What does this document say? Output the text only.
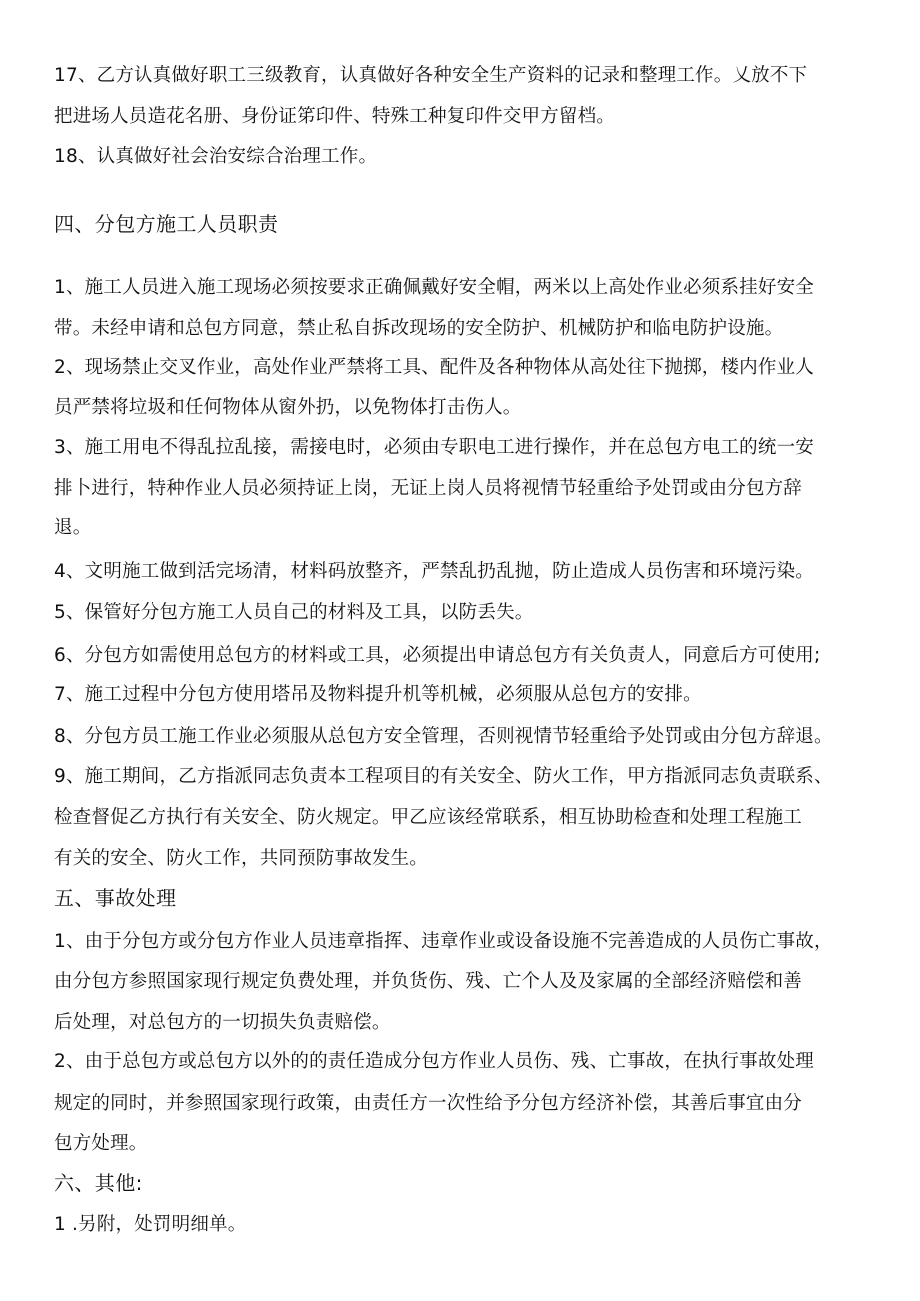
17、乙方认真做好职工三级教育，认真做好各种安全生产资料的记录和整理工作。乂放不下
把进场人员造花名册、身份证笫印件、特殊工种复印件交甲方留档。
18、认真做好社会治安综合治理工作。
四、分包方施工人员职责
1、施工人员进入施工现场必须按要求正确佩戴好安全帽，两米以上高处作业必须系挂好安全
带。未经申请和总包方同意，禁止私自拆改现场的安全防护、机械防护和临电防护设施。
2、现场禁止交叉作业，高处作业严禁将工具、配件及各种物体从高处往下抛掷，楼内作业人
员严禁将垃圾和任何物体从窗外扔，以免物体打击伤人。
3、施工用电不得乱拉乱接，需接电时，必须由专职电工进行操作，并在总包方电工的统一安
排卜进行，特种作业人员必须持证上岗，无证上岗人员将视情节轻重给予处罚或由分包方辞
退。
4、文明施工做到活完场清，材料码放整齐，严禁乱扔乱抛，防止造成人员伤害和环境污染。
5、保管好分包方施工人员自己的材料及工具，以防丢失。
6、分包方如需使用总包方的材料或工具，必须提出申请总包方有关负责人，同意后方可使用;
7、施工过程中分包方使用塔吊及物料提升机等机械，必须服从总包方的安排。
8、分包方员工施工作业必须服从总包方安全管理，否则视情节轻重给予处罚或由分包方辞退。
9、施工期间，乙方指派同志负责本工程项目的有关安全、防火工作，甲方指派同志负责联系、
检查督促乙方执行有关安全、防火规定。甲乙应该经常联系，相互协助检查和处理工程施工
有关的安全、防火工作，共同预防事故发生。
五、事故处理
1、由于分包方或分包方作业人员违章指挥、违章作业或设备设施不完善造成的人员伤亡事故，
由分包方参照国家现行规定负费处理，并负货伤、残、亡个人及及家属的全部经济赔偿和善
后处理，对总包方的一切损失负责赔偿。
2、由于总包方或总包方以外的的责任造成分包方作业人员伤、残、亡事故，在执行事故处理
规定的同时，并参照国家现行政策，由责任方一次性给予分包方经济补偿，其善后事宜由分
包方处理。
六、其他:
1 .另附，处罚明细单。
